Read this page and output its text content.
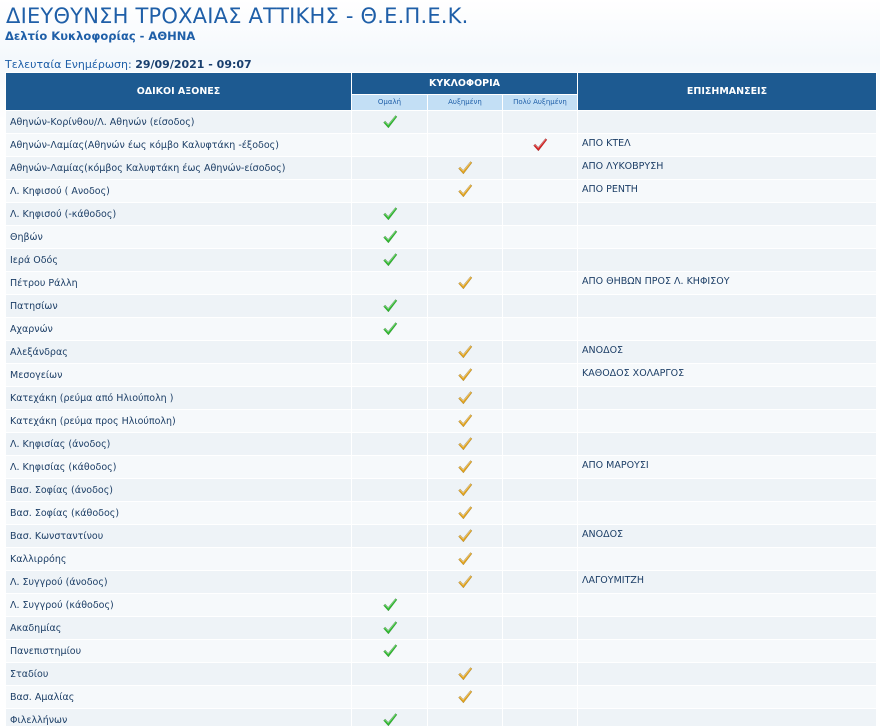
ΔΙΕΥΘΥΝΣΗ ΤΡΟΧΑΙΑΣ ΑΤΤΙΚΗΣ - Θ.Ε.Π.Ε.Κ.
Δελτίο Κυκλοφορίας - ΑΘΗΝΑ
Τελευταία Ενημέρωση: 29/09/2021 - 09:07
ΟΔΙΚΟΙ ΑΞΟΝΕΣ	ΚΥΚΛΟΦΟΡΙΑ			ΕΠΙΣΗΜΑΝΣΕΙΣ
	Ομαλή	Αυξημένη	Πολύ Αυξημένη	
Αθηνών-Κορίνθου/Λ. Αθηνών (είσοδος)	

Αθηνών-Λαμίας(Αθηνών έως κόμβο Καλυφτάκη -έξοδος)				ΑΠΟ ΚΤΕΛ
Αθηνών-Λαμίας(κόμβος Καλυφτάκη έως Αθηνών-είσοδος)				ΑΠΟ ΛΥΚΟΒΡΥΣΗ
Λ. Κηφισού ( Ανοδος)				ΑΠΟ ΡΕΝΤΗ
Λ. Κηφισού (-κάθοδος)	

Θηβών	

Ιερά Οδός	

Πέτρου Ράλλη				ΑΠΟ ΘΗΒΩΝ ΠΡΟΣ Λ. ΚΗΦΙΣΟΥ
Πατησίων	

Αχαρνών	

Αλεξάνδρας				ΑΝΟΔΟΣ
Μεσογείων				ΚΑΘΟΔΟΣ ΧΟΛΑΡΓΟΣ
Κατεχάκη (ρεύμα από Ηλιούπολη )		

Κατεχάκη (ρεύμα προς Ηλιούπολη)		

Λ. Κηφισίας (άνοδος)		

Λ. Κηφισίας (κάθοδος)				ΑΠΟ ΜΑΡΟΥΣΙ
Βασ. Σοφίας (άνοδος)		

Βασ. Σοφίας (κάθοδος)		

Βασ. Κωνσταντίνου				ΑΝΟΔΟΣ
Καλλιρρόης		

Λ. Συγγρού (άνοδος)				ΛΑΓΟΥΜΙΤΖΗ
Λ. Συγγρού (κάθοδος)	

Ακαδημίας	

Πανεπιστημίου	

Σταδίου		

Βασ. Αμαλίας		

Φιλελλήνων	
